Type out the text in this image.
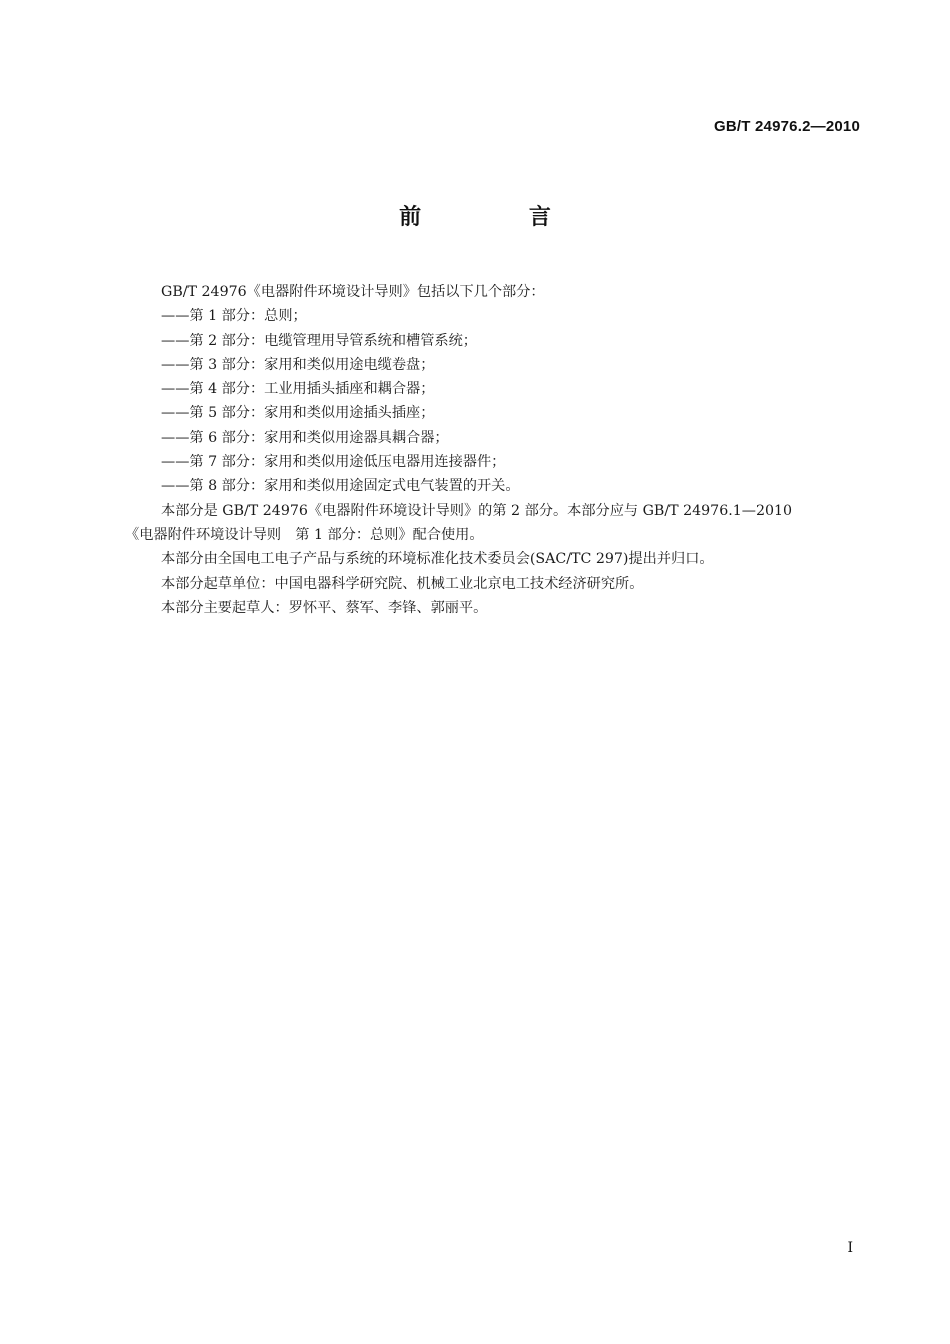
GB/T 24976.2—2010
前 言
GB/T 24976《电器附件环境设计导则》包括以下几个部分：
——第 1 部分：总则；
——第 2 部分：电缆管理用导管系统和槽管系统；
——第 3 部分：家用和类似用途电缆卷盘；
——第 4 部分：工业用插头插座和耦合器；
——第 5 部分：家用和类似用途插头插座；
——第 6 部分：家用和类似用途器具耦合器；
——第 7 部分：家用和类似用途低压电器用连接器件；
——第 8 部分：家用和类似用途固定式电气装置的开关。
本部分是 GB/T 24976《电器附件环境设计导则》的第 2 部分。本部分应与 GB/T 24976.1—2010
《电器附件环境设计导则　第 1 部分：总则》配合使用。
本部分由全国电工电子产品与系统的环境标准化技术委员会(SAC/TC 297)提出并归口。
本部分起草单位：中国电器科学研究院、机械工业北京电工技术经济研究所。
本部分主要起草人：罗怀平、蔡军、李锋、郭丽平。
I
